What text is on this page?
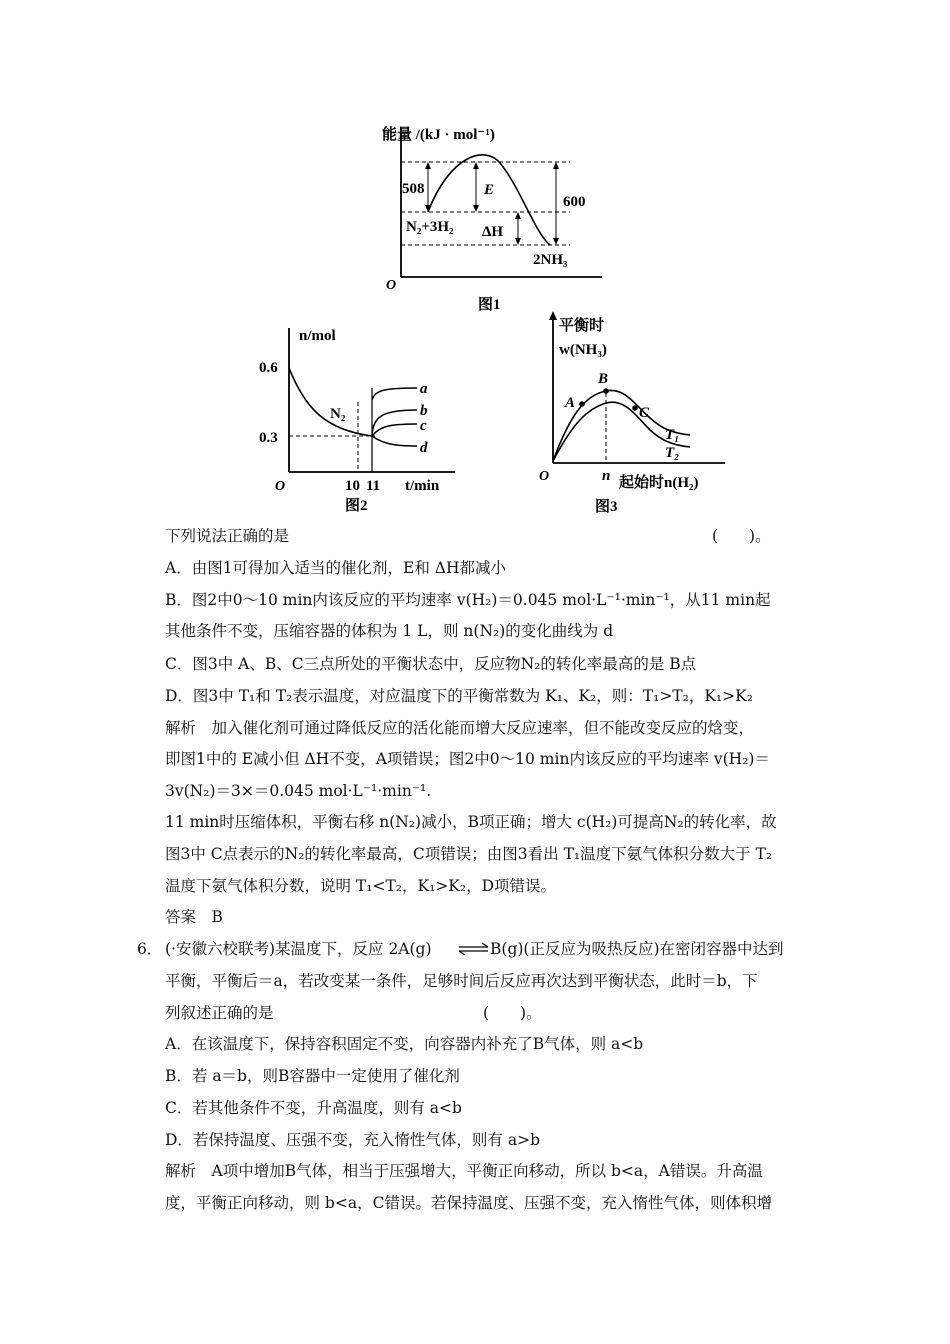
能量 /(kJ · mol⁻¹)
O
508	E
600
N₂+3H₂ ΔH
2NH₃
图1
n/mol
0.6
0.3
O
N₂
a
b
c
d
10 11 t/min
图2
平衡时
w(NH₃)
O
A
B
C
T₁
T₂
n 起始时n(H₂)
图3
下列说法正确的是	(　　)。
A．由图1可得加入适当的催化剂，E和 ΔH都减小
B．图2中0～10 min内该反应的平均速率 v(H₂)＝0.045 mol·L⁻¹·min⁻¹，从11 min起
其他条件不变，压缩容器的体积为 1 L，则 n(N₂)的变化曲线为 d
C．图3中 A、B、C三点所处的平衡状态中，反应物N₂的转化率最高的是 B点
D．图3中 T₁和 T₂表示温度，对应温度下的平衡常数为 K₁、K₂，则：T₁>T₂，K₁>K₂
解析　加入催化剂可通过降低反应的活化能而增大反应速率，但不能改变反应的焓变，
即图1中的 E减小但 ΔH不变，A项错误；图2中0～10 min内该反应的平均速率 v(H₂)＝
3v(N₂)＝3×＝0.045 mol·L⁻¹·min⁻¹.
11 min时压缩体积，平衡右移 n(N₂)减小，B项正确；增大 c(H₂)可提高N₂的转化率，故
图3中 C点表示的N₂的转化率最高，C项错误；由图3看出 T₁温度下氨气体积分数大于 T₂
温度下氨气体积分数，说明 T₁<T₂，K₁>K₂，D项错误。
答案　B
6． (·安徽六校联考)某温度下，反应 2A(g) ⇌ B(g)(正反应为吸热反应)在密闭容器中达到
平衡，平衡后＝a，若改变某一条件，足够时间后反应再次达到平衡状态，此时＝b，下
列叙述正确的是	(　　)。
A．在该温度下，保持容积固定不变，向容器内补充了B气体，则 a<b
B．若 a＝b，则B容器中一定使用了催化剂
C．若其他条件不变，升高温度，则有 a<b
D．若保持温度、压强不变，充入惰性气体，则有 a>b
解析　A项中增加B气体，相当于压强增大，平衡正向移动，所以 b<a，A错误。升高温
度，平衡正向移动，则 b<a，C错误。若保持温度、压强不变，充入惰性气体，则体积增
